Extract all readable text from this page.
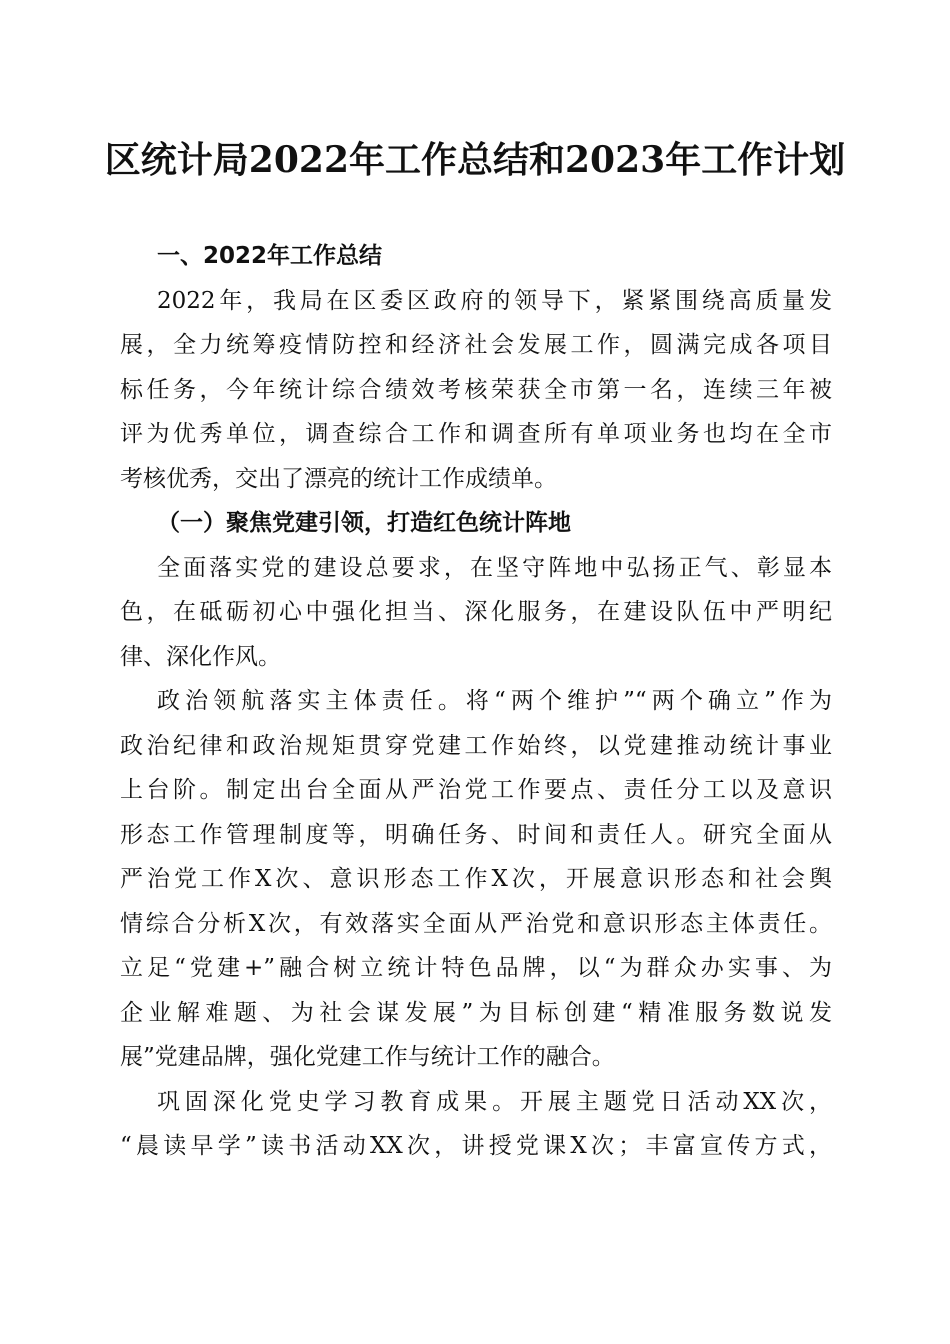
区统计局2022年工作总结和2023年工作计划
一、2022年工作总结
2022年，我局在区委区政府的领导下，紧紧围绕高质量发
展，全力统筹疫情防控和经济社会发展工作，圆满完成各项目
标任务，今年统计综合绩效考核荣获全市第一名，连续三年被
评为优秀单位，调查综合工作和调查所有单项业务也均在全市
考核优秀，交出了漂亮的统计工作成绩单。
（一）聚焦党建引领，打造红色统计阵地
全面落实党的建设总要求，在坚守阵地中弘扬正气、彰显本
色，在砥砺初心中强化担当、深化服务，在建设队伍中严明纪
律、深化作风。
政治领航落实主体责任。将“两个维护”“两个确立”作为
政治纪律和政治规矩贯穿党建工作始终，以党建推动统计事业
上台阶。制定出台全面从严治党工作要点、责任分工以及意识
形态工作管理制度等，明确任务、时间和责任人。研究全面从
严治党工作X次、意识形态工作X次，开展意识形态和社会舆
情综合分析X次，有效落实全面从严治党和意识形态主体责任。
立足“党建+”融合树立统计特色品牌，以“为群众办实事、为
企业解难题、为社会谋发展”为目标创建“精准服务数说发
展”党建品牌，强化党建工作与统计工作的融合。
巩固深化党史学习教育成果。开展主题党日活动XX次，
“晨读早学”读书活动XX次，讲授党课X次；丰富宣传方式，
